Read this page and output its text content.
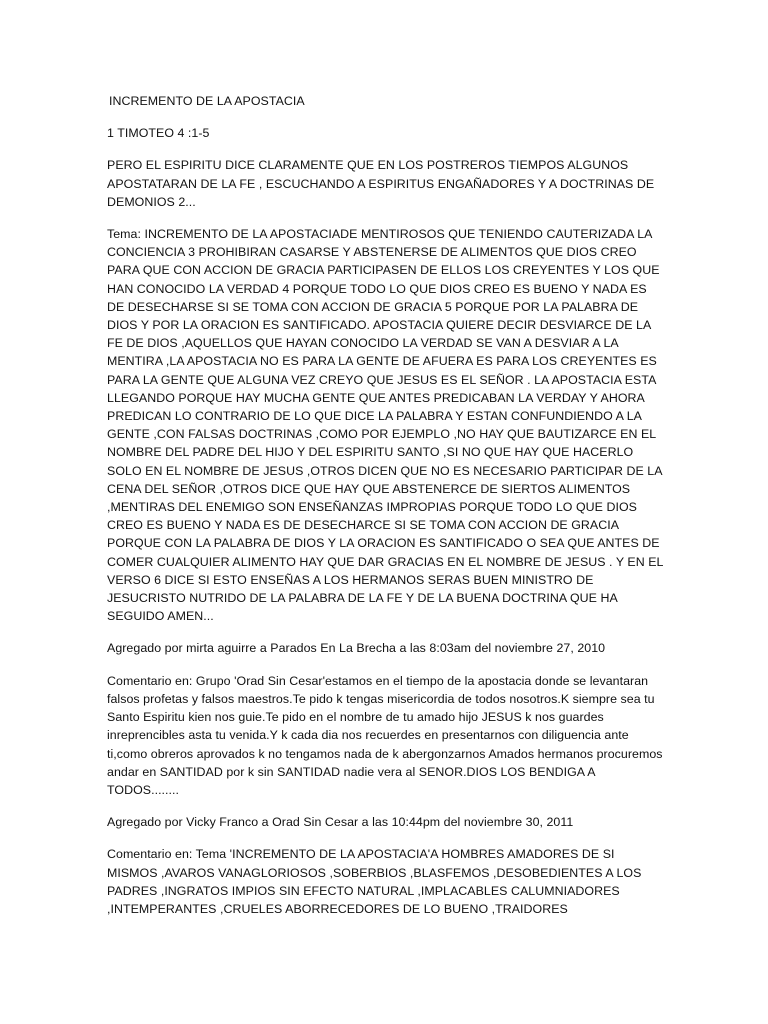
INCREMENTO DE LA APOSTACIA

1 TIMOTEO 4 :1-5

PERO EL ESPIRITU DICE CLARAMENTE QUE EN LOS POSTREROS TIEMPOS ALGUNOS APOSTATARAN DE LA FE , ESCUCHANDO A ESPIRITUS ENGAÑADORES Y A DOCTRINAS DE DEMONIOS 2...

Tema: INCREMENTO DE LA APOSTACIADE MENTIROSOS QUE TENIENDO CAUTERIZADA LA CONCIENCIA 3 PROHIBIRAN CASARSE Y ABSTENERSE DE ALIMENTOS QUE DIOS CREO PARA QUE CON ACCION DE GRACIA PARTICIPASEN DE ELLOS LOS CREYENTES Y LOS QUE HAN CONOCIDO LA VERDAD 4 PORQUE TODO LO QUE DIOS CREO ES BUENO Y NADA ES DE DESECHARSE SI SE TOMA CON ACCION DE GRACIA 5 PORQUE POR LA PALABRA DE DIOS Y POR LA ORACION ES SANTIFICADO. APOSTACIA QUIERE DECIR DESVIARCE DE LA FE DE DIOS ,AQUELLOS QUE HAYAN CONOCIDO LA VERDAD SE VAN A DESVIAR A LA MENTIRA ,LA APOSTACIA NO ES PARA LA GENTE DE AFUERA ES PARA LOS CREYENTES ES PARA LA GENTE QUE ALGUNA VEZ CREYO QUE JESUS ES EL SEÑOR . LA APOSTACIA ESTA LLEGANDO PORQUE HAY MUCHA GENTE QUE ANTES PREDICABAN LA VERDAY Y AHORA PREDICAN LO CONTRARIO DE LO QUE DICE LA PALABRA Y ESTAN CONFUNDIENDO A LA GENTE ,CON FALSAS DOCTRINAS ,COMO POR EJEMPLO ,NO HAY QUE BAUTIZARCE EN EL NOMBRE DEL PADRE DEL HIJO Y DEL ESPIRITU SANTO ,SI NO QUE HAY QUE HACERLO SOLO EN EL NOMBRE DE JESUS ,OTROS DICEN QUE NO ES NECESARIO PARTICIPAR DE LA CENA DEL SEÑOR ,OTROS DICE QUE HAY QUE ABSTENERCE DE SIERTOS ALIMENTOS ,MENTIRAS DEL ENEMIGO SON ENSEÑANZAS IMPROPIAS PORQUE TODO LO QUE DIOS CREO ES BUENO Y NADA ES DE DESECHARCE SI SE TOMA CON ACCION DE GRACIA PORQUE CON LA PALABRA DE DIOS Y LA ORACION ES SANTIFICADO O SEA QUE ANTES DE COMER CUALQUIER ALIMENTO HAY QUE DAR GRACIAS EN EL NOMBRE DE JESUS . Y EN EL VERSO 6 DICE SI ESTO ENSEÑAS A LOS HERMANOS SERAS BUEN MINISTRO DE JESUCRISTO NUTRIDO DE LA PALABRA DE LA FE Y DE LA BUENA DOCTRINA QUE HA SEGUIDO AMEN...

Agregado por mirta aguirre a Parados En La Brecha a las 8:03am del noviembre 27, 2010

Comentario en: Grupo 'Orad Sin Cesar'estamos en el tiempo de la apostacia donde se levantaran falsos profetas y falsos maestros.Te pido k tengas misericordia de todos nosotros.K siempre sea tu Santo Espiritu kien nos guie.Te pido en el nombre de tu amado hijo JESUS k nos guardes inreprencibles asta tu venida.Y k cada dia nos recuerdes en presentarnos con diliguencia ante ti,como obreros aprovados k no tengamos nada de k abergonzarnos Amados hermanos procuremos andar en SANTIDAD por k sin SANTIDAD nadie vera al SENOR.DIOS LOS BENDIGA A TODOS........

Agregado por Vicky Franco a Orad Sin Cesar a las 10:44pm del noviembre 30, 2011

Comentario en: Tema 'INCREMENTO DE LA APOSTACIA'A HOMBRES AMADORES DE SI MISMOS ,AVAROS VANAGLORIOSOS ,SOBERBIOS ,BLASFEMOS ,DESOBEDIENTES A LOS PADRES ,INGRATOS IMPIOS SIN EFECTO NATURAL ,IMPLACABLES CALUMNIADORES ,INTEMPERANTES ,CRUELES ABORRECEDORES DE LO BUENO ,TRAIDORES
